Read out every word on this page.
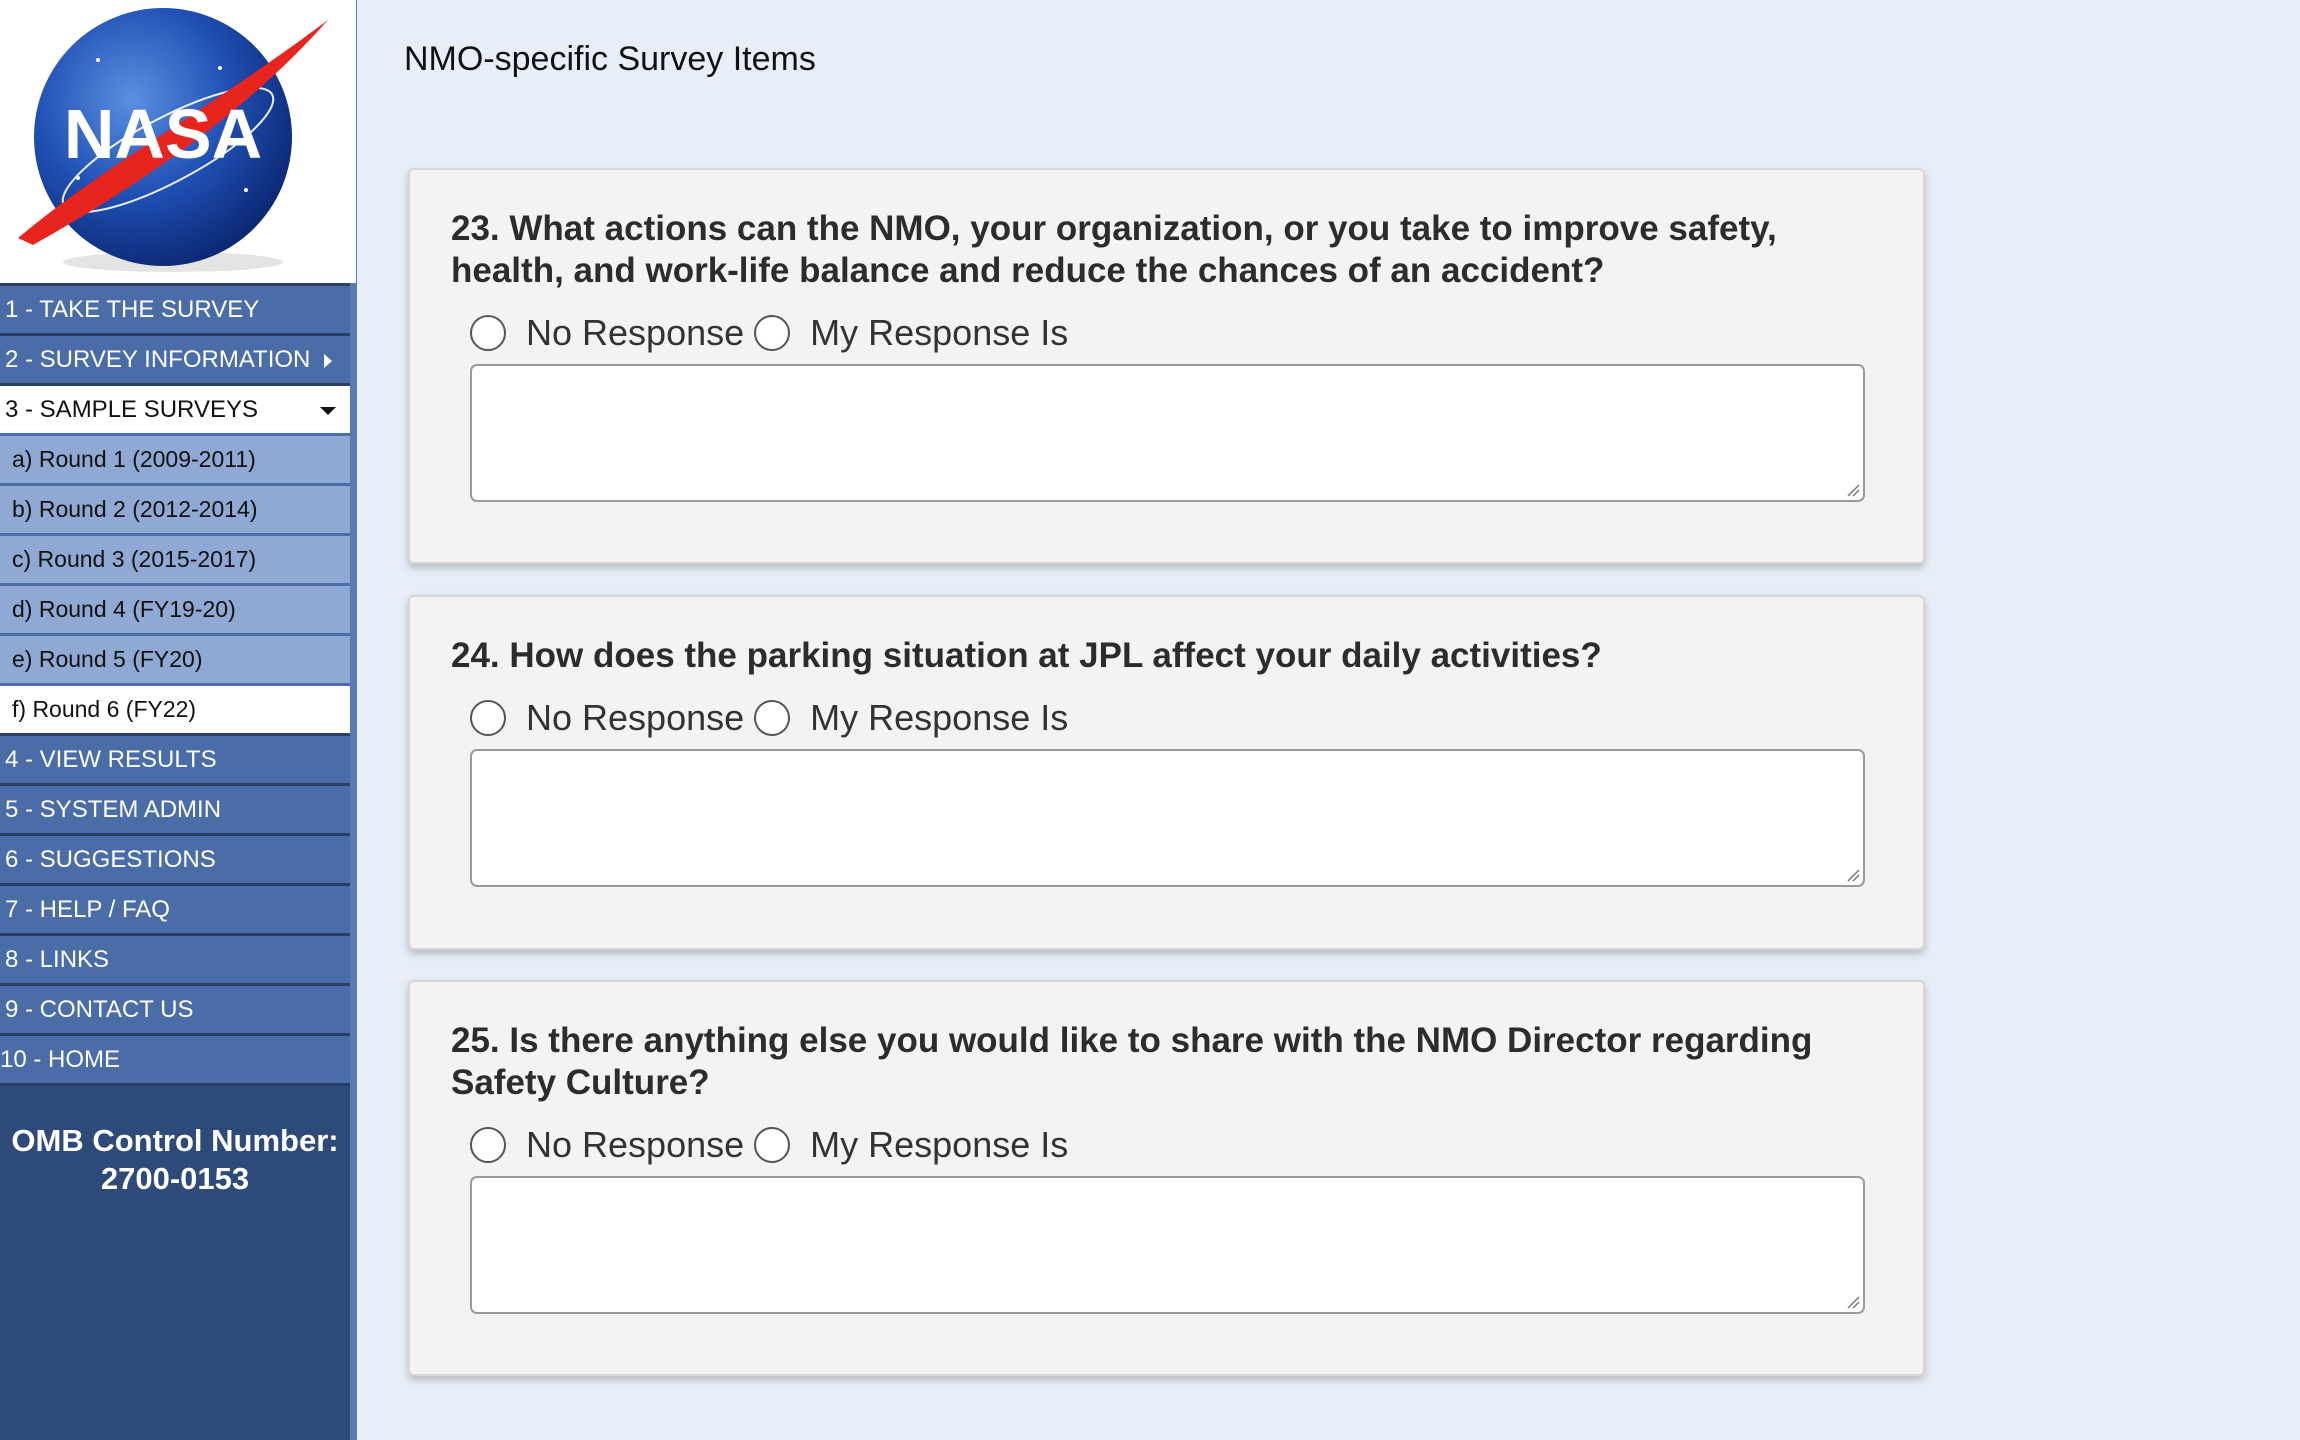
NASA
1 - TAKE THE SURVEY
2 - SURVEY INFORMATION
3 - SAMPLE SURVEYS
a) Round 1 (2009-2011)
b) Round 2 (2012-2014)
c) Round 3 (2015-2017)
d) Round 4 (FY19-20)
e) Round 5 (FY20)
f) Round 6 (FY22)
4 - VIEW RESULTS
5 - SYSTEM ADMIN
6 - SUGGESTIONS
7 - HELP / FAQ
8 - LINKS
9 - CONTACT US
10 - HOME
OMB Control Number:
2700-0153
NMO-specific Survey Items
23. What actions can the NMO, your organization, or you take to improve safety, health, and work-life balance and reduce the chances of an accident?
No Response My Response Is
24. How does the parking situation at JPL affect your daily activities?
No Response My Response Is
25. Is there anything else you would like to share with the NMO Director regarding Safety Culture?
No Response My Response Is
